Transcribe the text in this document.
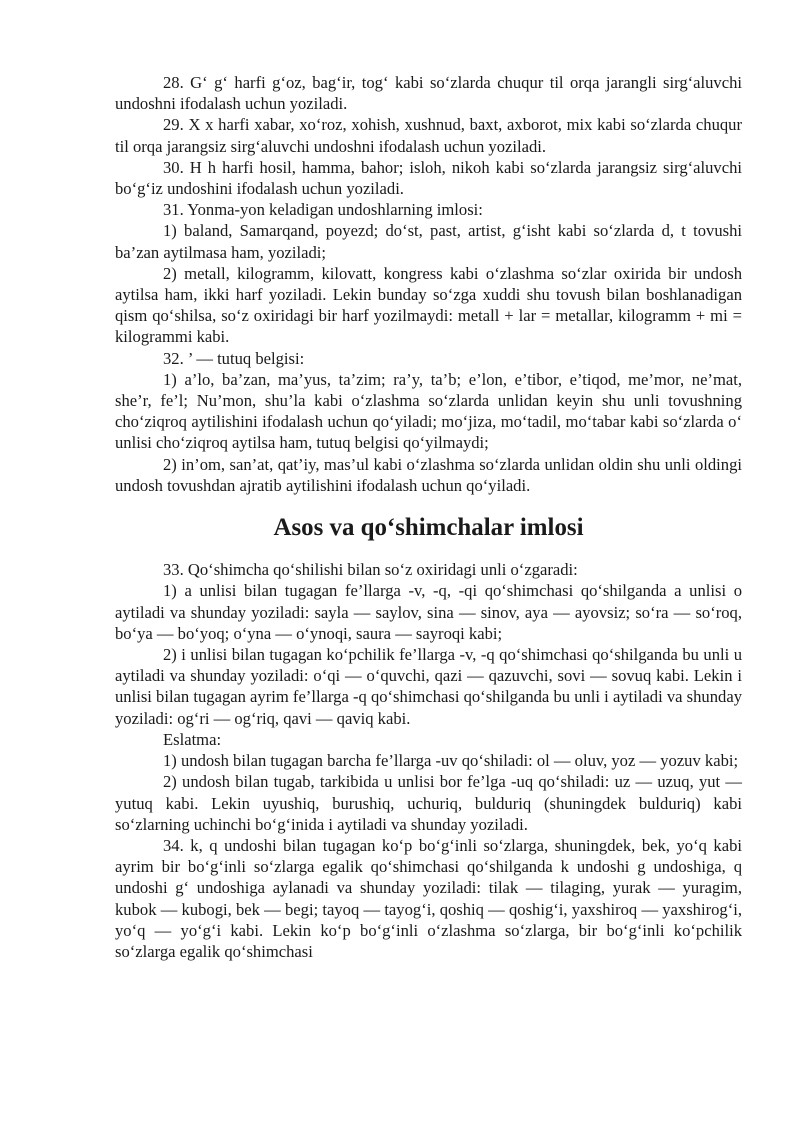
28. G‘ g‘ harfi g‘oz, bag‘ir, tog‘ kabi so‘zlarda chuqur til orqa jarangli sirg‘aluvchi undoshni ifodalash uchun yoziladi.

29. X x harfi xabar, xo‘roz, xohish, xushnud, baxt, axborot, mix kabi so‘zlarda chuqur til orqa jarangsiz sirg‘aluvchi undoshni ifodalash uchun yoziladi.

30. H h harfi hosil, hamma, bahor; isloh, nikoh kabi so‘zlarda jarangsiz sirg‘aluvchi bo‘g‘iz undoshini ifodalash uchun yoziladi.

31. Yonma-yon keladigan undoshlarning imlosi:

1) baland, Samarqand, poyezd; do‘st, past, artist, g‘isht kabi so‘zlarda d, t tovushi ba’zan aytilmasa ham, yoziladi;

2) metall, kilogramm, kilovatt, kongress kabi o‘zlashma so‘zlar oxirida bir undosh aytilsa ham, ikki harf yoziladi. Lekin bunday so‘zga xuddi shu tovush bilan boshlanadigan qism qo‘shilsa, so‘z oxiridagi bir harf yozilmaydi: metall + lar = metallar, kilogramm + mi = kilogrammi kabi.

32. ’ — tutuq belgisi:

1) a’lo, ba’zan, ma’yus, ta’zim; ra’y, ta’b; e’lon, e’tibor, e’tiqod, me’mor, ne’mat, she’r, fe’l; Nu’mon, shu’la kabi o‘zlashma so‘zlarda unlidan keyin shu unli tovushning cho‘ziqroq aytilishini ifodalash uchun qo‘yiladi; mo‘jiza, mo‘tadil, mo‘tabar kabi so‘zlarda o‘ unlisi cho‘ziqroq aytilsa ham, tutuq belgisi qo‘yilmaydi;

2) in’om, san’at, qat’iy, mas’ul kabi o‘zlashma so‘zlarda unlidan oldin shu unli oldingi undosh tovushdan ajratib aytilishini ifodalash uchun qo‘yiladi.

Asos va qo‘shimchalar imlosi

33. Qo‘shimcha qo‘shilishi bilan so‘z oxiridagi unli o‘zgaradi:

1) a unlisi bilan tugagan fe’llarga -v, -q, -qi qo‘shimchasi qo‘shilganda a unlisi o aytiladi va shunday yoziladi: sayla — saylov, sina — sinov, aya — ayovsiz; so‘ra — so‘roq, bo‘ya — bo‘yoq; o‘yna — o‘ynoqi, saura — sayroqi kabi;

2) i unlisi bilan tugagan ko‘pchilik fe’llarga -v, -q qo‘shimchasi qo‘shilganda bu unli u aytiladi va shunday yoziladi: o‘qi — o‘quvchi, qazi — qazuvchi, sovi — sovuq kabi. Lekin i unlisi bilan tugagan ayrim fe’llarga -q qo‘shimchasi qo‘shilganda bu unli i aytiladi va shunday yoziladi: og‘ri — og‘riq, qavi — qaviq kabi.

Eslatma:

1) undosh bilan tugagan barcha fe’llarga -uv qo‘shiladi: ol — oluv, yoz — yozuv kabi;

2) undosh bilan tugab, tarkibida u unlisi bor fe’lga -uq qo‘shiladi: uz — uzuq, yut — yutuq kabi. Lekin uyushiq, burushiq, uchuriq, bulduriq (shuningdek bulduriq) kabi so‘zlarning uchinchi bo‘g‘inida i aytiladi va shunday yoziladi.

34. k, q undoshi bilan tugagan ko‘p bo‘g‘inli so‘zlarga, shuningdek, bek, yo‘q kabi ayrim bir bo‘g‘inli so‘zlarga egalik qo‘shimchasi qo‘shilganda k undoshi g undoshiga, q undoshi g‘ undoshiga aylanadi va shunday yoziladi: tilak — tilaging, yurak — yuragim, kubok — kubogi, bek — begi; tayoq — tayog‘i, qoshiq — qoshig‘i, yaxshiroq — yaxshirog‘i, yo‘q — yo‘g‘i kabi. Lekin ko‘p bo‘g‘inli o‘zlashma so‘zlarga, bir bo‘g‘inli ko‘pchilik so‘zlarga egalik qo‘shimchasi
